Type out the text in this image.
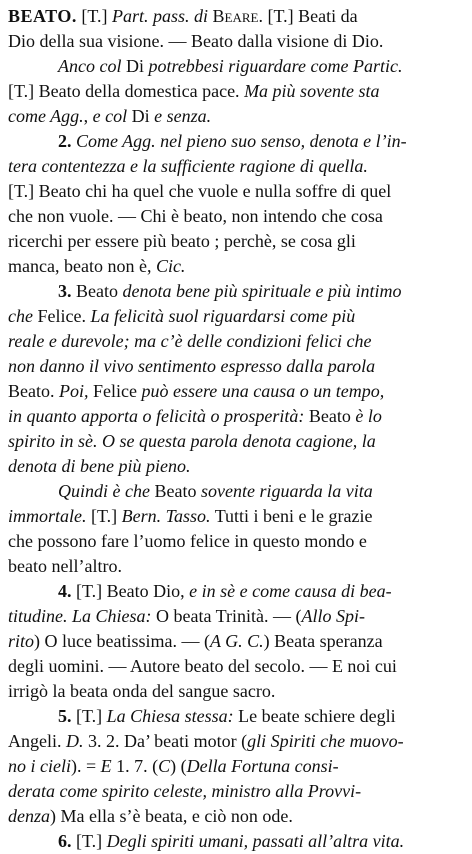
BEATO. [T.] Part. pass. di Beare. [T.] Beati da
Dio della sua visione. — Beato dalla visione di Dio.
Anco col Di potrebbesi riguardare come Partic.
[T.] Beato della domestica pace. Ma più sovente sta
come Agg., e col Di e senza.
2. Come Agg. nel pieno suo senso, denota e l’in-
tera contentezza e la sufficiente ragione di quella.
[T.] Beato chi ha quel che vuole e nulla soffre di quel
che non vuole. — Chi è beato, non intendo che cosa
ricerchi per essere più beato ; perchè, se cosa gli
manca, beato non è, Cic.
3. Beato denota bene più spirituale e più intimo
che Felice. La felicità suol riguardarsi come più
reale e durevole; ma c’è delle condizioni felici che
non danno il vivo sentimento espresso dalla parola
Beato. Poi, Felice può essere una causa o un tempo,
in quanto apporta o felicità o prosperità: Beato è lo
spirito in sè. O se questa parola denota cagione, la
denota di bene più pieno.
Quindi è che Beato sovente riguarda la vita
immortale. [T.] Bern. Tasso. Tutti i beni e le grazie
che possono fare l’uomo felice in questo mondo e
beato nell’altro.
4. [T.] Beato Dio, e in sè e come causa di bea-
titudine. La Chiesa: O beata Trinità. — (Allo Spi-
rito) O luce beatissima. — (A G. C.) Beata speranza
degli uomini. — Autore beato del secolo. — E noi cui
irrigò la beata onda del sangue sacro.
5. [T.] La Chiesa stessa: Le beate schiere degli
Angeli. D. 3. 2. Da’ beati motor (gli Spiriti che muovo-
no i cieli). = E 1. 7. (C) (Della Fortuna consi-
derata come spirito celeste, ministro alla Provvi-
denza) Ma ella s’è beata, e ciò non ode.
6. [T.] Degli spiriti umani, passati all’altra vita.
